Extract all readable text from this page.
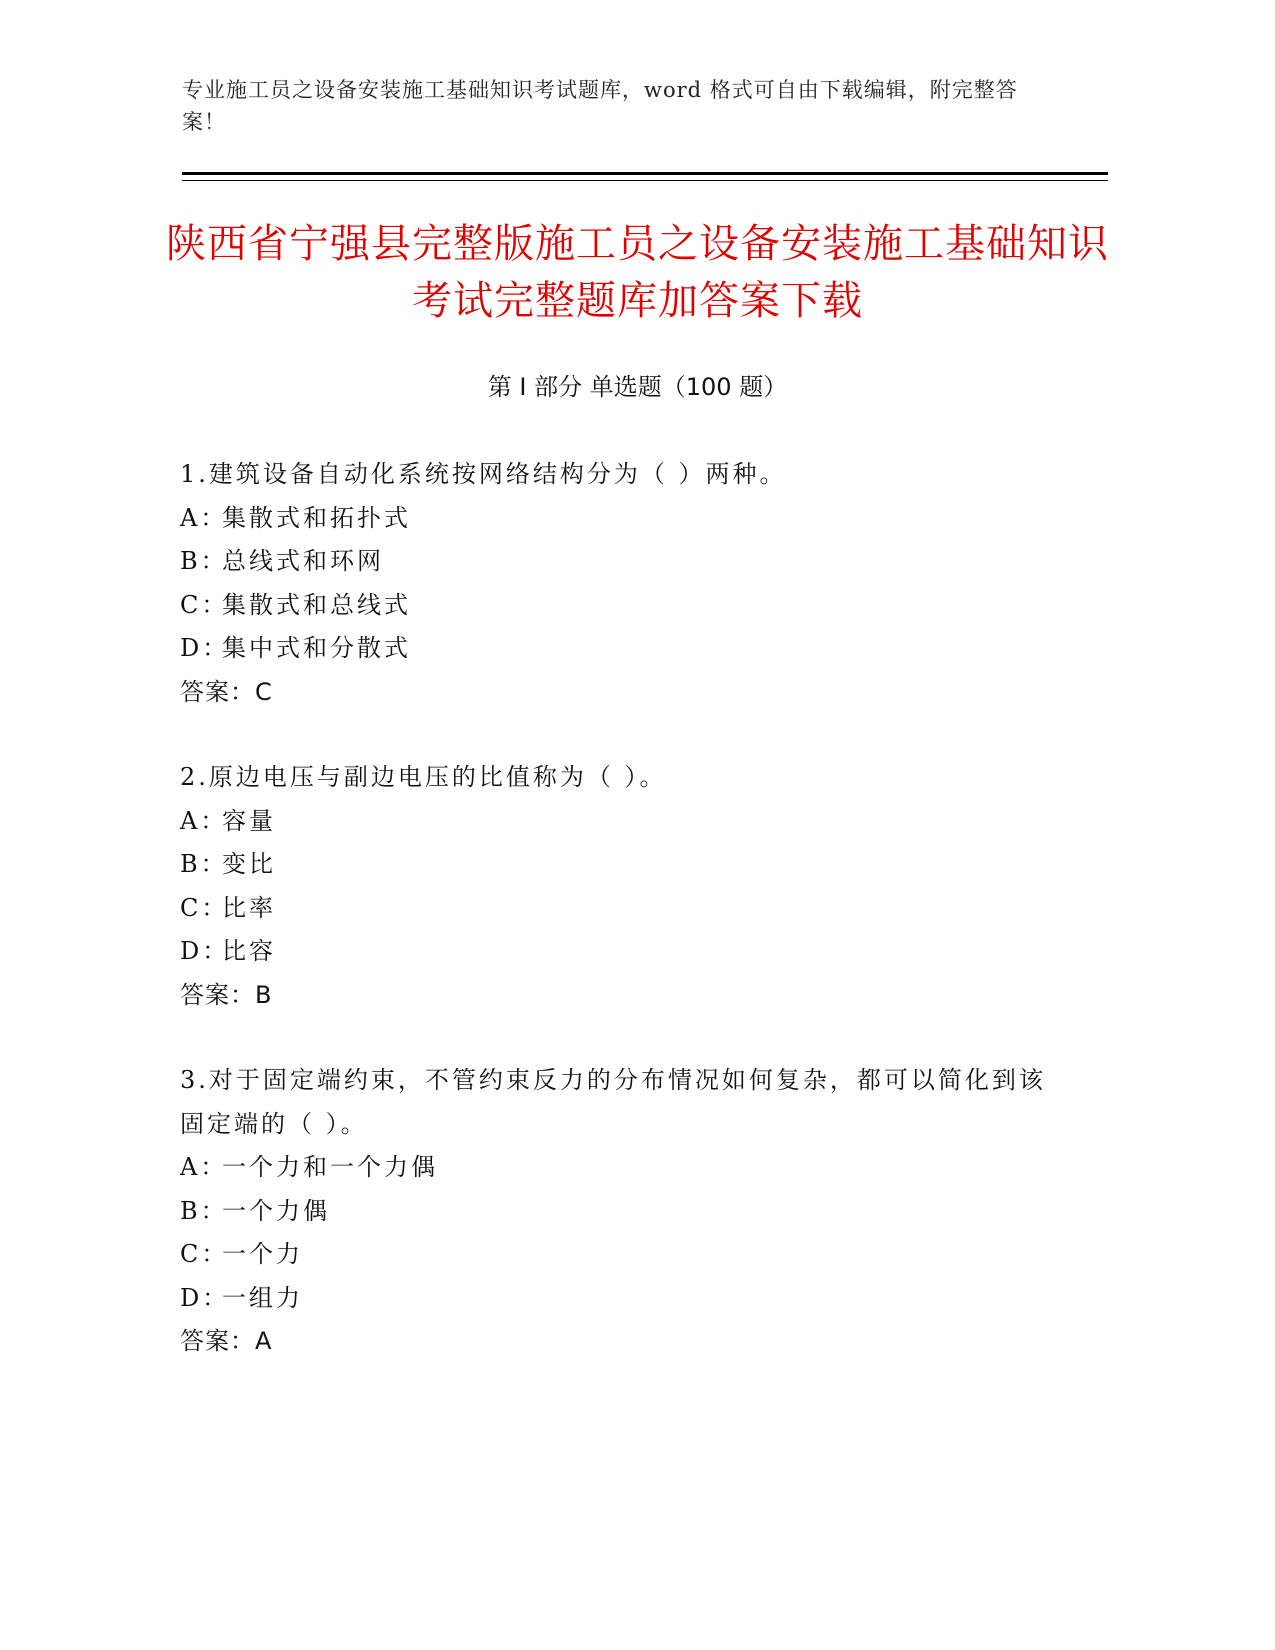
专业施工员之设备安装施工基础知识考试题库，word 格式可自由下载编辑，附完整答案！
陕西省宁强县完整版施工员之设备安装施工基础知识考试完整题库加答案下载
第 I 部分 单选题（100 题）
1.建筑设备自动化系统按网络结构分为（ ）两种。
A：集散式和拓扑式
B：总线式和环网
C：集散式和总线式
D：集中式和分散式
答案：C
2.原边电压与副边电压的比值称为（ ）。
A：容量
B：变比
C：比率
D：比容
答案：B
3.对于固定端约束，不管约束反力的分布情况如何复杂，都可以简化到该固定端的（ ）。
A：一个力和一个力偶
B：一个力偶
C：一个力
D：一组力
答案：A
